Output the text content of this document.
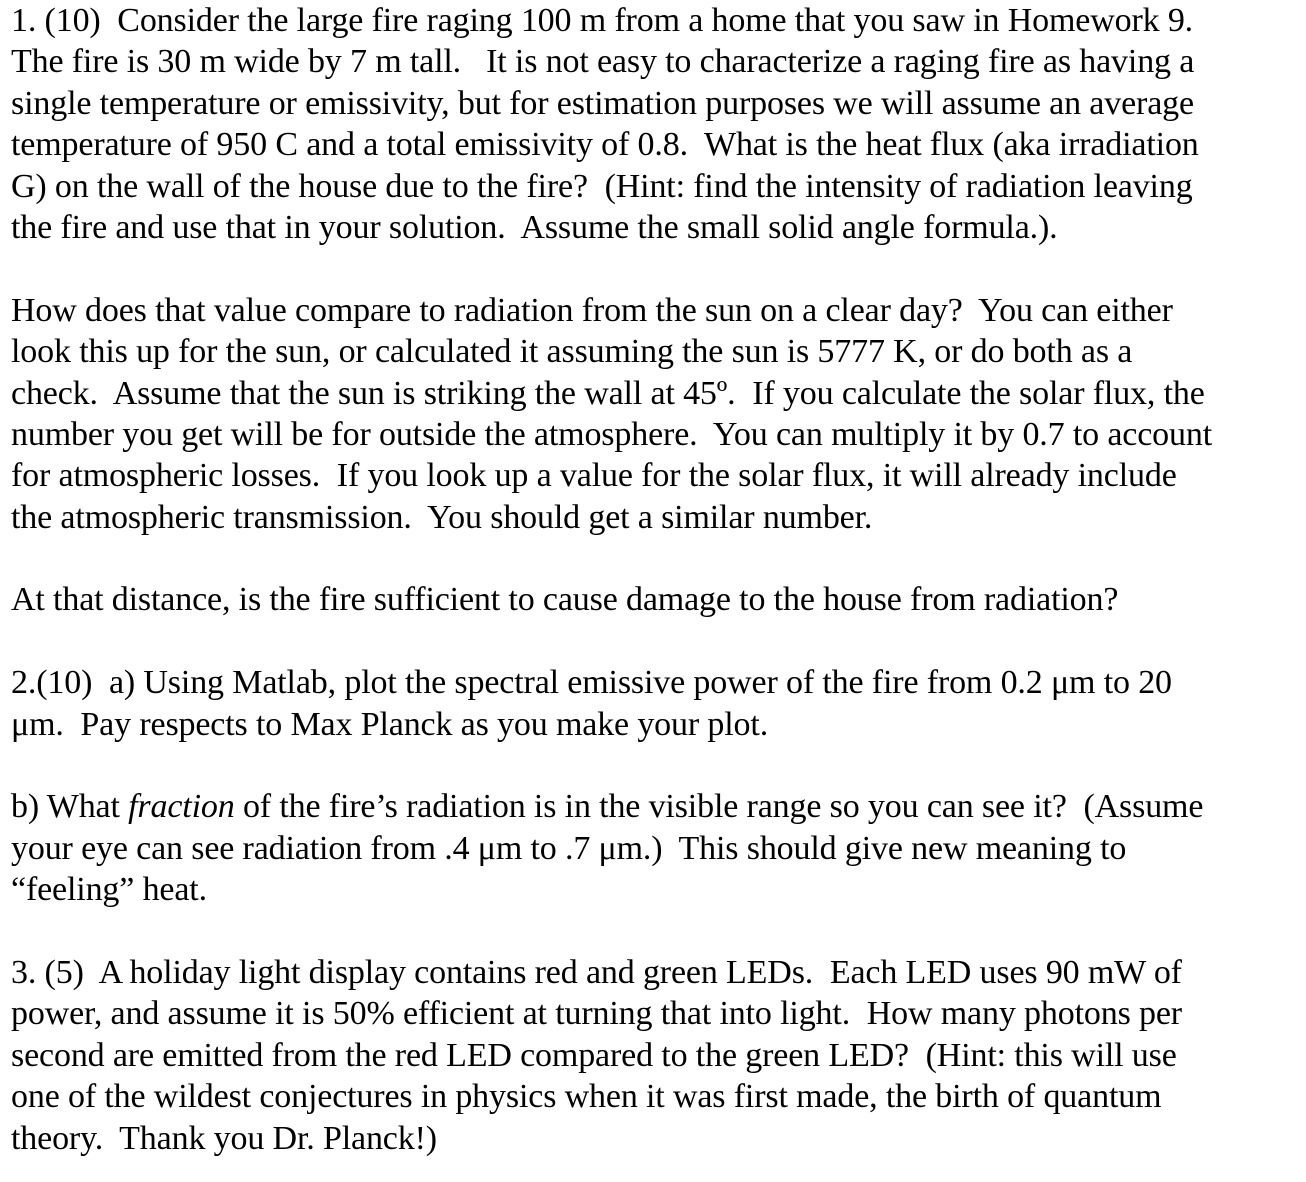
1. (10)  Consider the large fire raging 100 m from a home that you saw in Homework 9.
The fire is 30 m wide by 7 m tall.   It is not easy to characterize a raging fire as having a
single temperature or emissivity, but for estimation purposes we will assume an average
temperature of 950 C and a total emissivity of 0.8.  What is the heat flux (aka irradiation
G) on the wall of the house due to the fire?  (Hint: find the intensity of radiation leaving
the fire and use that in your solution.  Assume the small solid angle formula.).
How does that value compare to radiation from the sun on a clear day?  You can either
look this up for the sun, or calculated it assuming the sun is 5777 K, or do both as a
check.  Assume that the sun is striking the wall at 45º.  If you calculate the solar flux, the
number you get will be for outside the atmosphere.  You can multiply it by 0.7 to account
for atmospheric losses.  If you look up a value for the solar flux, it will already include
the atmospheric transmission.  You should get a similar number.
At that distance, is the fire sufficient to cause damage to the house from radiation?
2.(10)  a) Using Matlab, plot the spectral emissive power of the fire from 0.2 μm to 20
μm.  Pay respects to Max Planck as you make your plot.
b) What fraction of the fire’s radiation is in the visible range so you can see it?  (Assume
your eye can see radiation from .4 μm to .7 μm.)  This should give new meaning to
“feeling” heat.
3. (5)  A holiday light display contains red and green LEDs.  Each LED uses 90 mW of
power, and assume it is 50% efficient at turning that into light.  How many photons per
second are emitted from the red LED compared to the green LED?  (Hint: this will use
one of the wildest conjectures in physics when it was first made, the birth of quantum
theory.  Thank you Dr. Planck!)
